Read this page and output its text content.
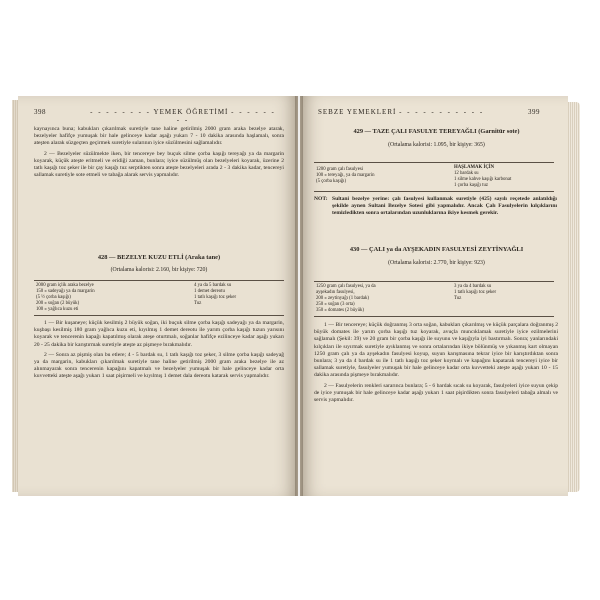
398	- - - - - - - - YEMEK ÖĞRETİMİ - - - - - - - -

kaynayınca buna; kabukları çıkarılmak suretiyle tane haline getirilmiş 2000 gram araka bezelye atarak, bezelyeler hafifçe yumuşak bir hale gelinceye kadar aşağı yukarı 7 - 10 dakika arasında haşlamalı, sonra ateşten alarak süzgeçten geçirmek suretiyle sularının iyice süzülmesini sağlamalıdır.

2 — Bezelyeler süzülmekte iken, bir tencereye bey buçuk silme çorba kaşığı tereyağı ya da margarin koyarak, küçük ateşte eritmeli ve eridiği zaman, bunlara; iyice süzülmüş olan bezelyeleri koyarak, üzerine 2 tatlı kaşığı toz şeker ile bir çay kaşığı tuz serptikten sonra ateşte bezelyeleri arada 2 - 3 dakika kadar, tencereyi sallamak suretiyle sote etmeli ve tabağa alarak servis yapmalıdır.

428 — BEZELYE KUZU ETLİ (Araka tane)
(Ortalama kalorisi: 2.160, bir kişiye: 720)
2000 gram içlik araka bezelye
150 » sadeyağı ya da margarin
(5 ½ çorba kaşığı)
200 » soğan (2 büyük)
100 » yağlıca kuzu eti
4 ya da 5 bardak su
1 demet dereotu
1 tatlı kaşığı toz şeker
Tuz

1 — Bir kuşaneye; küçük kesilmiş 2 büyük soğan, iki buçuk silme çorba kaşığı sadeyağı ya da margarin, kuşbaşı kesilmiş 180 gram yağlıca kuzu eti, kıyılmış 1 demet dereotu ile yarım çorba kaşığı tuzun yarısını koyarak ve tencerenin kapağı kapatılmış olarak ateşe oturtmalı, soğanlar hafifçe ezilinceye kadar aşağı yukarı 20 - 25 dakika bir karıştırmak suretiyle ateşte az pişmeye bırakmalıdır.

2 — Sonra az pişmiş olan bu etlere; 4 - 5 bardak su, 1 tatlı kaşığı toz şeker, 3 silme çorba kaşığı sadeyağ ya da margarin, kabukları çıkarılmak suretiyle tane haline getirilmiş 2000 gram araka bezelye ile az alınmayarak sonra tencerenin kapağını kapatmalı ve bezelyeler yumuşak bir hale gelinceye kadar orta kuvvetteki ateşte aşağı yukarı 1 saat pişirmeli ve kıyılmış 1 demet dala dereotu katarak servis yapmalıdır.

SEBZE YEMEKLERİ - - - - - - - - - - -	399
429 — TAZE ÇALI FASULYE TEREYAĞLI (Garnitür sote)
(Ortalama kalorisi: 1.095, bir kişiye: 365)
1200 gram çalı fasulyesi
100 » tereyağı, ya da margarin
(5 çorba kaşığı)
HAŞLAMAK İÇİN
12 bardak su
1 silme kahve kaşığı karbonat
1 çorba kaşığı tuz
NOT: Sultani bezelye yerine: çalı fasulyesi kullanmak suretiyle (425) sayılı reçetede anlatıldığı şekilde aynen Sultani Bezelye Sotesi gibi yapmalıdır. Ancak Çalı Fasulyelerin kılçıklarını temizledikten sonra ortalarından uzunluklarına ikiye kesmek gerekir.
430 — ÇALI ya da AYŞEKADIN FASULYESİ ZEYTİNYAĞLI
(Ortalama kalorisi: 2.770, bir kişiye: 923)
1250 gram çalı fasulyesi, ya da
ayşekadın fasulyesi,
200 » zeytinyağı (1 bardak)
250 » soğan (3 orta)
350 » domates (2 büyük)
3 ya da 4 bardak su
1 tatlı kaşığı toz şeker
Tuz

1 — Bir tencereye; küçük doğranmış 3 orta soğan, kabukları çıkarılmış ve küçük parçalara doğranmış 2 büyük domates ile yarım çorba kaşığı tuz koyarak, avuçla muncıklamak suretiyle iyice ezilmelerini sağlamalı (Şekil: 39) ve 20 gram bir çorba kaşığı ile suyunu ve kaşığıyla iyi bastırmalı. Sonra; yanlarındaki kılçıkları ile sıyırmak suretiyle ayıklanmış ve sonra ortalarından ikiye bölünmüş ve yıkanmış kart olmayan 1250 gram çalı ya da ayşekadın fasulyesi koyup, suyun karışmasına tekrar iyice bir karıştırdıktan sonra bunlara; 3 ya da 4 bardak su ile 1 tatlı kaşığı toz şeker koymalı ve kapağını kapatarak tencereyi iyice bir sallamak suretiyle, fasulyeler yumuşak bir hale gelinceye kadar orta kuvvetteki ateşte aşağı yukarı 10 - 15 dakika arasında pişmeye bırakmalıdır.

2 — Fasulyelerin renkleri sararınca bunlara; 5 - 6 bardak sıcak su koyarak, fasulyeleri iyice suyun çekip de iyice yumuşak bir hale gelinceye kadar aşağı yukarı 1 saat pişirdikten sonra fasulyeleri tabağa almalı ve servis yapmalıdır.
